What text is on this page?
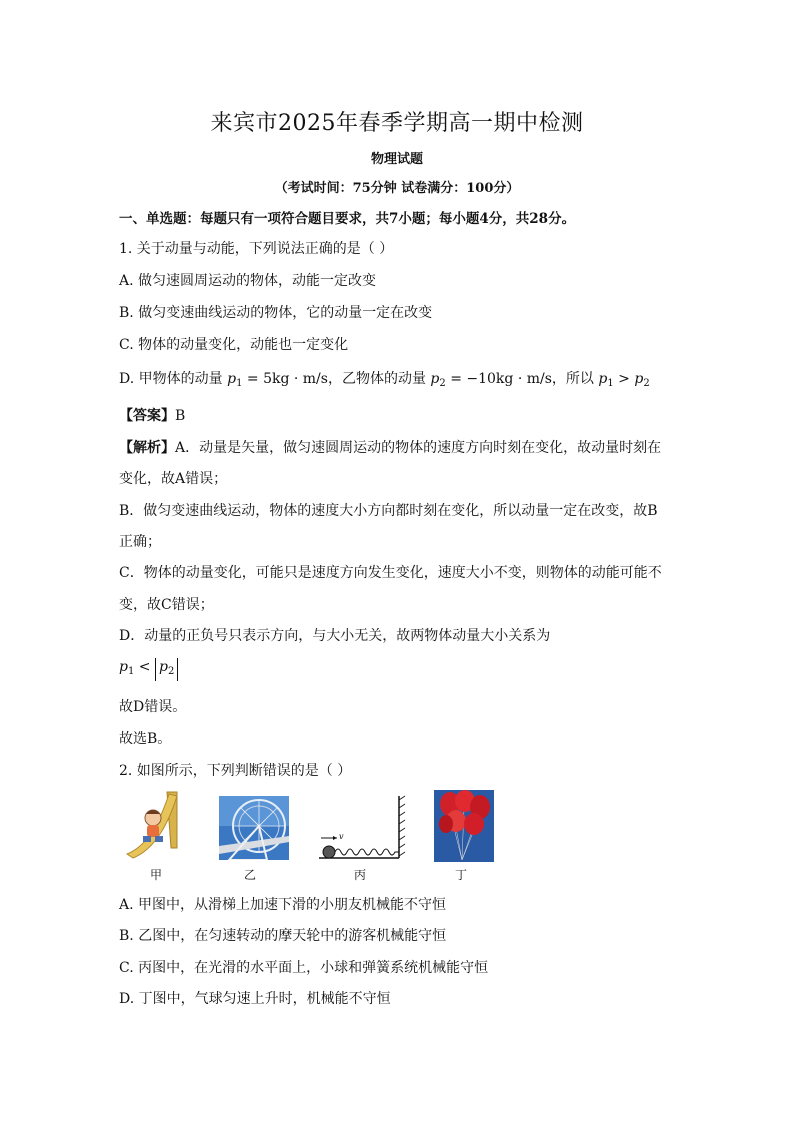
来宾市2025年春季学期高一期中检测
物理试题
（考试时间：75分钟 试卷满分：100分）
一、单选题：每题只有一项符合题目要求，共7小题；每小题4分，共28分。
1. 关于动量与动能，下列说法正确的是（ ）
A. 做匀速圆周运动的物体，动能一定改变
B. 做匀变速曲线运动的物体，它的动量一定在改变
C. 物体的动量变化，动能也一定变化
D. 甲物体的动量 $p_1 = 5kg \cdot m/s$，乙物体的动量 $p_2 = -10kg \cdot m/s$，所以 $p_1 > p_2$
【答案】B
【解析】A．动量是矢量，做匀速圆周运动的物体的速度方向时刻在变化，故动量时刻在
变化，故A错误；
B．做匀变速曲线运动，物体的速度大小方向都时刻在变化，所以动量一定在改变，故B
正确；
C．物体的动量变化，可能只是速度方向发生变化，速度大小不变，则物体的动能可能不
变，故C错误；
D．动量的正负号只表示方向，与大小无关，故两物体动量大小关系为
$p_1 < p_2$
故D错误。
故选B。
2. 如图所示，下列判断错误的是（ ）
v
甲	乙	丙	丁
A. 甲图中，从滑梯上加速下滑的小朋友机械能不守恒
B. 乙图中，在匀速转动的摩天轮中的游客机械能守恒
C. 丙图中，在光滑的水平面上，小球和弹簧系统机械能守恒
D. 丁图中，气球匀速上升时，机械能不守恒
